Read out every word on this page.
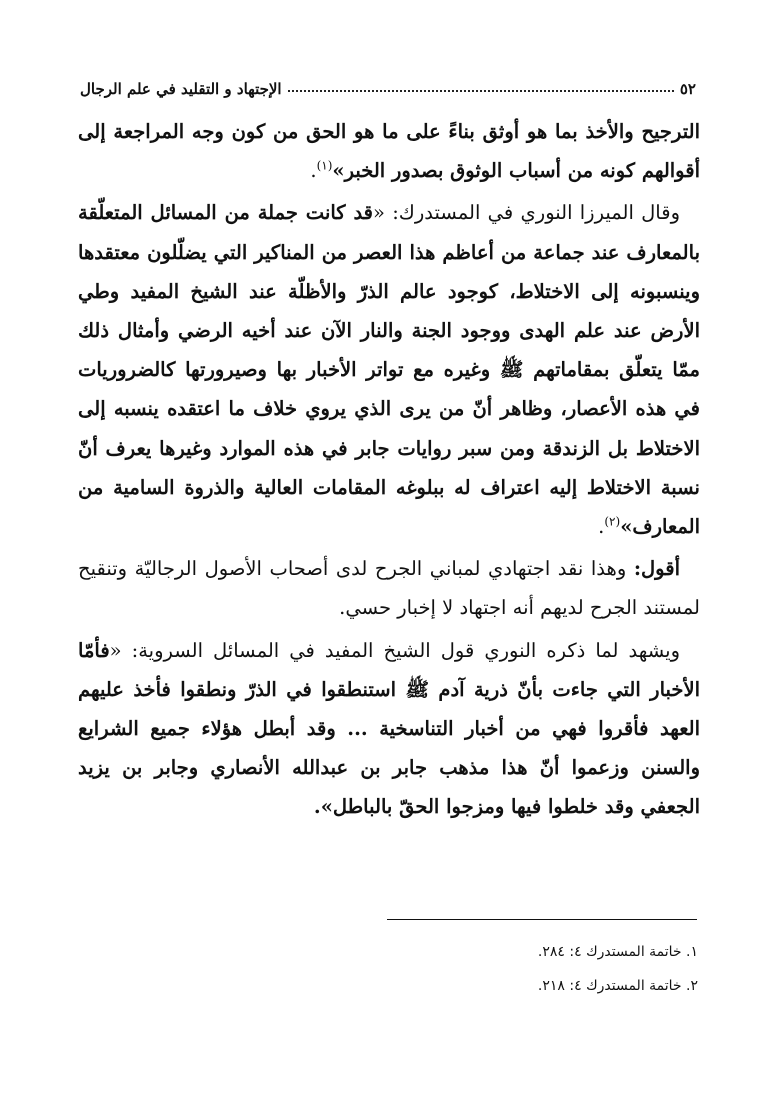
٥٢
الإجتهاد و التقليد في علم الرجال

الترجيح والأخذ بما هو أوثق بناءً على ما هو الحق من كون وجه المراجعة إلى أقوالهم كونه من أسباب الوثوق بصدور الخبر»$^{(١)}$.

وقال الميرزا النوري في المستدرك: «قد كانت جملة من المسائل المتعلّقة بالمعارف عند جماعة من أعاظم هذا العصر من المناكير التي يضلّلون معتقدها وينسبونه إلى الاختلاط، كوجود عالم الذرّ والأظلّة عند الشيخ المفيد وطي الأرض عند علم الهدى ووجود الجنة والنار الآن عند أخيه الرضي وأمثال ذلك ممّا يتعلّق بمقاماتهم ﷺ وغيره مع تواتر الأخبار بها وصيرورتها كالضروريات في هذه الأعصار، وظاهر أنّ من يرى الذي يروي خلاف ما اعتقده ينسبه إلى الاختلاط بل الزندقة ومن سبر روايات جابر في هذه الموارد وغيرها يعرف أنّ نسبة الاختلاط إليه اعتراف له ببلوغه المقامات العالية والذروة السامية من المعارف»$^{(٢)}$.

أقول: وهذا نقد اجتهادي لمباني الجرح لدى أصحاب الأصول الرجاليّة وتنقيح لمستند الجرح لديهم أنه اجتهاد لا إخبار حسي.

ويشهد لما ذكره النوري قول الشيخ المفيد في المسائل السروية: «فأمّا الأخبار التي جاءت بأنّ ذرية آدم ﷺ استنطقوا في الذرّ ونطقوا فأخذ عليهم العهد فأقروا فهي من أخبار التناسخية ... وقد أبطل هؤلاء جميع الشرايع والسنن وزعموا أنّ هذا مذهب جابر بن عبدالله الأنصاري وجابر بن يزيد الجعفي وقد خلطوا فيها ومزجوا الحقّ بالباطل».

١. خاتمة المستدرك ٤: ٢٨٤.
٢. خاتمة المستدرك ٤: ٢١٨.
